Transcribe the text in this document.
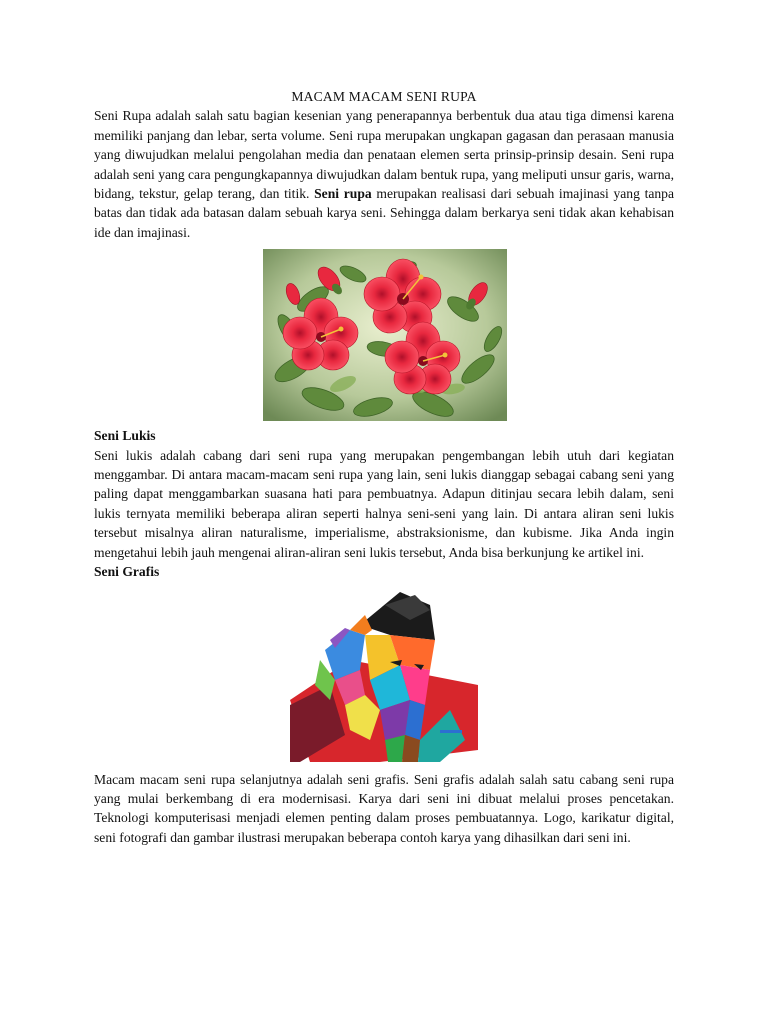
MACAM MACAM SENI RUPA

Seni Rupa adalah salah satu bagian kesenian yang penerapannya berbentuk dua atau tiga dimensi karena memiliki panjang dan lebar, serta volume. Seni rupa merupakan ungkapan gagasan dan perasaan manusia yang diwujudkan melalui pengolahan media dan penataan elemen serta prinsip-prinsip desain. Seni rupa adalah seni yang cara pengungkapannya diwujudkan dalam bentuk rupa, yang meliputi unsur garis, warna, bidang, tekstur, gelap terang, dan titik. Seni rupa merupakan realisasi dari sebuah imajinasi yang tanpa batas dan tidak ada batasan dalam sebuah karya seni. Sehingga dalam berkarya seni tidak akan kehabisan ide dan imajinasi.

Seni Lukis

Seni lukis adalah cabang dari seni rupa yang merupakan pengembangan lebih utuh dari kegiatan menggambar. Di antara macam-macam seni rupa yang lain, seni lukis dianggap sebagai cabang seni yang paling dapat menggambarkan suasana hati para pembuatnya. Adapun ditinjau secara lebih dalam, seni lukis ternyata memiliki beberapa aliran seperti halnya seni-seni yang lain. Di antara aliran seni lukis tersebut misalnya aliran naturalisme, imperialisme, abstraksionisme, dan kubisme. Jika Anda ingin mengetahui lebih jauh mengenai aliran-aliran seni lukis tersebut, Anda bisa berkunjung ke artikel ini.

Seni Grafis

Macam macam seni rupa selanjutnya adalah seni grafis. Seni grafis adalah salah satu cabang seni rupa yang mulai berkembang di era modernisasi. Karya dari seni ini dibuat melalui proses pencetakan. Teknologi komputerisasi menjadi elemen penting dalam proses pembuatannya. Logo, karikatur digital, seni fotografi dan gambar ilustrasi merupakan beberapa contoh karya yang dihasilkan dari seni ini.
